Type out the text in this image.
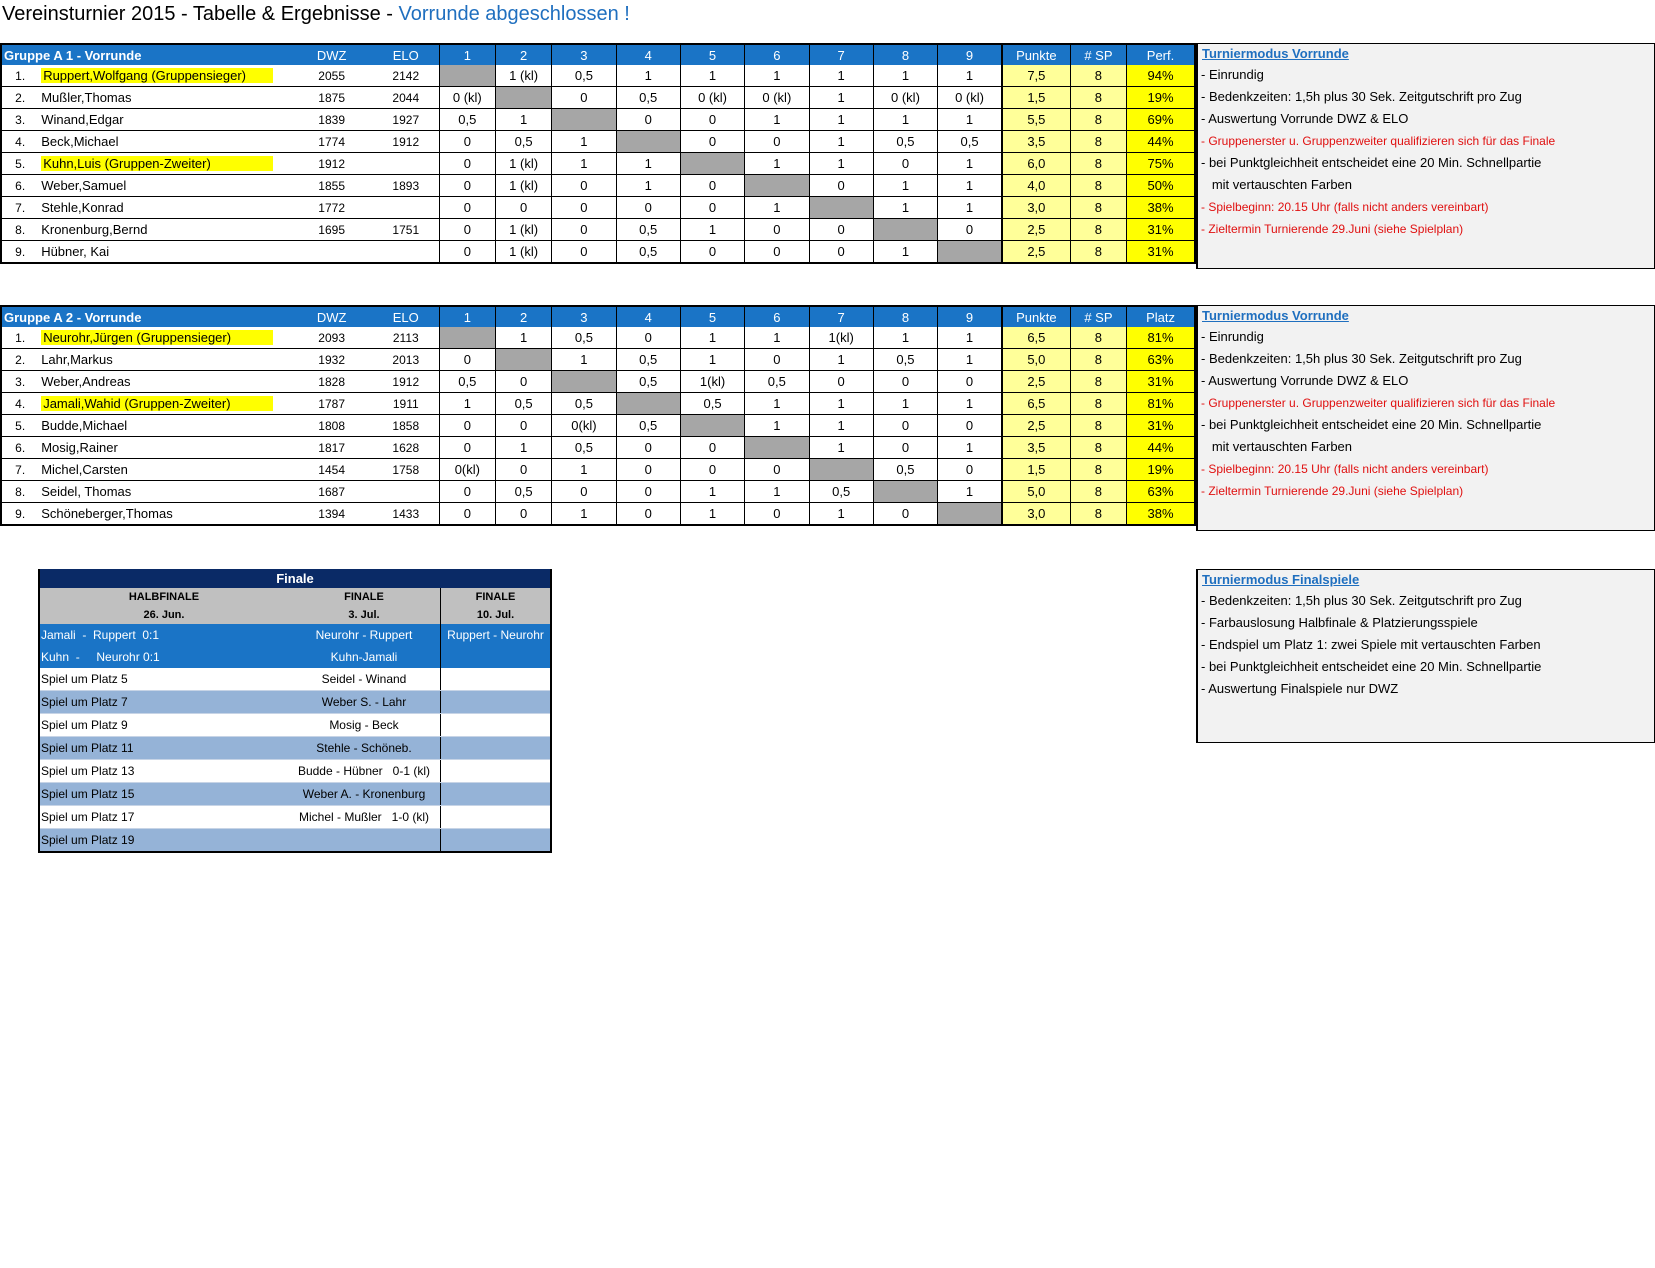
Vereinsturnier 2015 - Tabelle & Ergebnisse - Vorrunde abgeschlossen !
Gruppe A 1 - Vorrunde		DWZ	ELO	1	2	3	4	5	6	7	8	9	Punkte	# SP	Perf.
1.	Ruppert,Wolfgang (Gruppensieger)	2055	2142		1 (kl)	0,5	1	1	1	1	1	1	7,5	8	94%
2.	Mußler,Thomas	1875	2044	0 (kl)		0	0,5	0 (kl)	0 (kl)	1	0 (kl)	0 (kl)	1,5	8	19%
3.	Winand,Edgar	1839	1927	0,5	1		0	0	1	1	1	1	5,5	8	69%
4.	Beck,Michael	1774	1912	0	0,5	1		0	0	1	0,5	0,5	3,5	8	44%
5.	Kuhn,Luis (Gruppen-Zweiter)	1912		0	1 (kl)	1	1		1	1	0	1	6,0	8	75%
6.	Weber,Samuel	1855	1893	0	1 (kl)	0	1	0		0	1	1	4,0	8	50%
7.	Stehle,Konrad	1772		0	0	0	0	0	1		1	1	3,0	8	38%
8.	Kronenburg,Bernd	1695	1751	0	1 (kl)	0	0,5	1	0	0		0	2,5	8	31%
9.	Hübner, Kai			0	1 (kl)	0	0,5	0	0	0	1		2,5	8	31%
Turniermodus Vorrunde
- Einrundig
- Bedenkzeiten: 1,5h plus 30 Sek. Zeitgutschrift pro Zug
- Auswertung Vorrunde DWZ & ELO
- Gruppenerster u. Gruppenzweiter qualifizieren sich für das Finale
- bei Punktgleichheit entscheidet eine 20 Min. Schnellpartie
mit vertauschten Farben
- Spielbeginn: 20.15 Uhr (falls nicht anders vereinbart)
- Zieltermin Turnierende 29.Juni (siehe Spielplan)
Gruppe A 2 - Vorrunde		DWZ	ELO	1	2	3	4	5	6	7	8	9	Punkte	# SP	Platz
1.	Neurohr,Jürgen (Gruppensieger)	2093	2113		1	0,5	0	1	1	1(kl)	1	1	6,5	8	81%
2.	Lahr,Markus	1932	2013	0		1	0,5	1	0	1	0,5	1	5,0	8	63%
3.	Weber,Andreas	1828	1912	0,5	0		0,5	1(kl)	0,5	0	0	0	2,5	8	31%
4.	Jamali,Wahid (Gruppen-Zweiter)	1787	1911	1	0,5	0,5		0,5	1	1	1	1	6,5	8	81%
5.	Budde,Michael	1808	1858	0	0	0(kl)	0,5		1	1	0	0	2,5	8	31%
6.	Mosig,Rainer	1817	1628	0	1	0,5	0	0		1	0	1	3,5	8	44%
7.	Michel,Carsten	1454	1758	0(kl)	0	1	0	0	0		0,5	0	1,5	8	19%
8.	Seidel, Thomas	1687		0	0,5	0	0	1	1	0,5		1	5,0	8	63%
9.	Schöneberger,Thomas	1394	1433	0	0	1	0	1	0	1	0		3,0	8	38%
Turniermodus Vorrunde
- Einrundig
- Bedenkzeiten: 1,5h plus 30 Sek. Zeitgutschrift pro Zug
- Auswertung Vorrunde DWZ & ELO
- Gruppenerster u. Gruppenzweiter qualifizieren sich für das Finale
- bei Punktgleichheit entscheidet eine 20 Min. Schnellpartie
mit vertauschten Farben
- Spielbeginn: 20.15 Uhr (falls nicht anders vereinbart)
- Zieltermin Turnierende 29.Juni (siehe Spielplan)
Finale		
HALBFINALE	FINALE	FINALE
26. Jun.	3. Jul.	10. Jul.
Jamali  -  Ruppert  0:1	Neurohr - Ruppert	Ruppert - Neurohr
Kuhn  -     Neurohr 0:1	Kuhn-Jamali	
Spiel um Platz 5	Seidel - Winand	
Spiel um Platz 7	Weber S. - Lahr	
Spiel um Platz 9	Mosig - Beck	
Spiel um Platz 11	Stehle - Schöneb.	
Spiel um Platz 13	Budde - Hübner   0-1 (kl)	
Spiel um Platz 15	Weber A. - Kronenburg	
Spiel um Platz 17	Michel - Mußler   1-0 (kl)	
Spiel um Platz 19		
Turniermodus Finalspiele
- Bedenkzeiten: 1,5h plus 30 Sek. Zeitgutschrift pro Zug
- Farbauslosung Halbfinale & Platzierungsspiele
- Endspiel um Platz 1: zwei Spiele mit vertauschten Farben
- bei Punktgleichheit entscheidet eine 20 Min. Schnellpartie
- Auswertung Finalspiele nur DWZ
